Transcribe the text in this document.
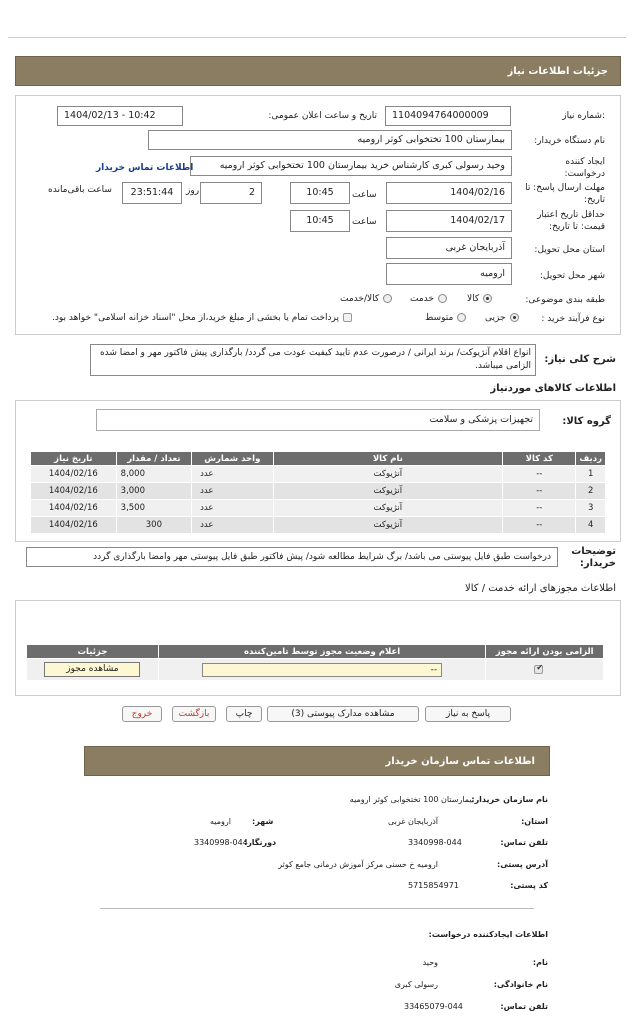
جزئیات اطلاعات نیاز
شماره نیاز:
1104094764000009
تاریخ و ساعت اعلان عمومی:
1404/02/13 - 10:42
نام دستگاه خریدار:
بیمارستان 100 تختخوابی کوثر ارومیه
ایجاد کننده درخواست:
وحید رسولی کبری کارشناس خرید بیمارستان 100 تختخوابی کوثر ارومیه
اطلاعات تماس خریدار
مهلت ارسال پاسخ: تا تاریخ:
1404/02/16
ساعت
10:45
2
روز
23:51:44
ساعت باقی‌مانده
حداقل تاریخ اعتبار قیمت: تا تاریخ:
1404/02/17
ساعت
10:45
استان محل تحویل:
آذربایجان غربی
شهر محل تحویل:
ارومیه
طبقه بندی موضوعی:
کالا
خدمت
کالا/خدمت
نوع فرآیند خرید :
جزیی
متوسط
پرداخت تمام یا بخشی از مبلغ خرید،از محل "اسناد خزانه اسلامی" خواهد بود.
شرح کلی نیاز:
انواع اقلام آنژیوکت/ برند ایرانی / درصورت عدم تایید کیفیت عودت می گردد/ بارگذاری پیش فاکتور مهر و امضا شده الزامی میباشد.
اطلاعات کالاهای موردنیاز
گروه کالا:
تجهیزات پزشکی و سلامت
ردیف	کد کالا	نام کالا	واحد شمارش	تعداد / مقدار	تاریخ نیاز
1	--	آنژیوکت	عدد	8,000	1404/02/16
2	--	آنژیوکت	عدد	3,000	1404/02/16
3	--	آنژیوکت	عدد	3,500	1404/02/16
4	--	آنژیوکت	عدد	300	1404/02/16
توضیحات خریدار:
درخواست طبق فایل پیوستی می باشد/ برگ شرایط مطالعه شود/ پیش فاکتور طبق فایل پیوستی مهر وامضا بارگذاری گردد
اطلاعات مجوزهای ارائه خدمت / کالا
الزامی بودن ارائه مجوز	اعلام وضعیت مجوز توسط تامین‌کننده	جزئیات

✔	--	مشاهده مجوز
پاسخ به نیاز
مشاهده مدارک پیوستی (3)
چاپ
بازگشت
خروج
اطلاعات تماس سازمان خریدار
نام سازمان خریدار:
بیمارستان 100 تختخوابی کوثر ارومیه
استان:
آذربایجان غربی
شهر:
ارومیه
تلفن تماس:
3340998-044
دورنگار:
3340998-044
آدرس پستی:
ارومیه خ حسنی مرکز آموزش درمانی جامع کوثر
کد پستی:
5715854971
اطلاعات ایجادکننده درخواست:
نام:
وحید
نام خانوادگی:
رسولی کبری
تلفن تماس:
33465079-044
